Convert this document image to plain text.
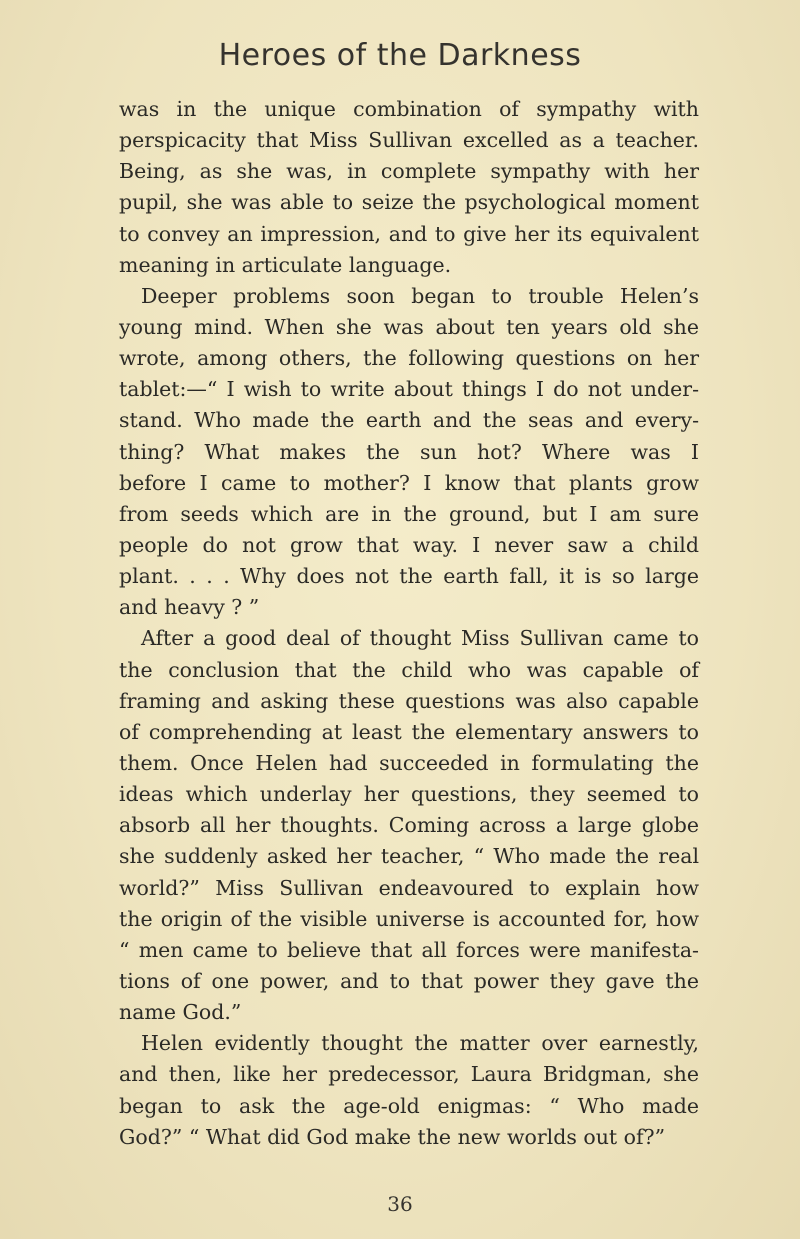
Heroes of the Darkness
was in the unique combination of sympathy with
perspicacity that Miss Sullivan excelled as a teacher.
Being, as she was, in complete sympathy with her
pupil, she was able to seize the psychological moment
to convey an impression, and to give her its equivalent
meaning in articulate language.
Deeper problems soon began to trouble Helen’s
young mind. When she was about ten years old she
wrote, among others, the following questions on her
tablet:—“ I wish to write about things I do not under-
stand. Who made the earth and the seas and every-
thing? What makes the sun hot? Where was I
before I came to mother? I know that plants grow
from seeds which are in the ground, but I am sure
people do not grow that way. I never saw a child
plant. . . . Why does not the earth fall, it is so large
and heavy ? ”
After a good deal of thought Miss Sullivan came to
the conclusion that the child who was capable of
framing and asking these questions was also capable
of comprehending at least the elementary answers to
them. Once Helen had succeeded in formulating the
ideas which underlay her questions, they seemed to
absorb all her thoughts. Coming across a large globe
she suddenly asked her teacher, “ Who made the real
world?” Miss Sullivan endeavoured to explain how
the origin of the visible universe is accounted for, how
“ men came to believe that all forces were manifesta-
tions of one power, and to that power they gave the
name God.”
Helen evidently thought the matter over earnestly,
and then, like her predecessor, Laura Bridgman, she
began to ask the age-old enigmas: “ Who made
God?” “ What did God make the new worlds out of?”
36
